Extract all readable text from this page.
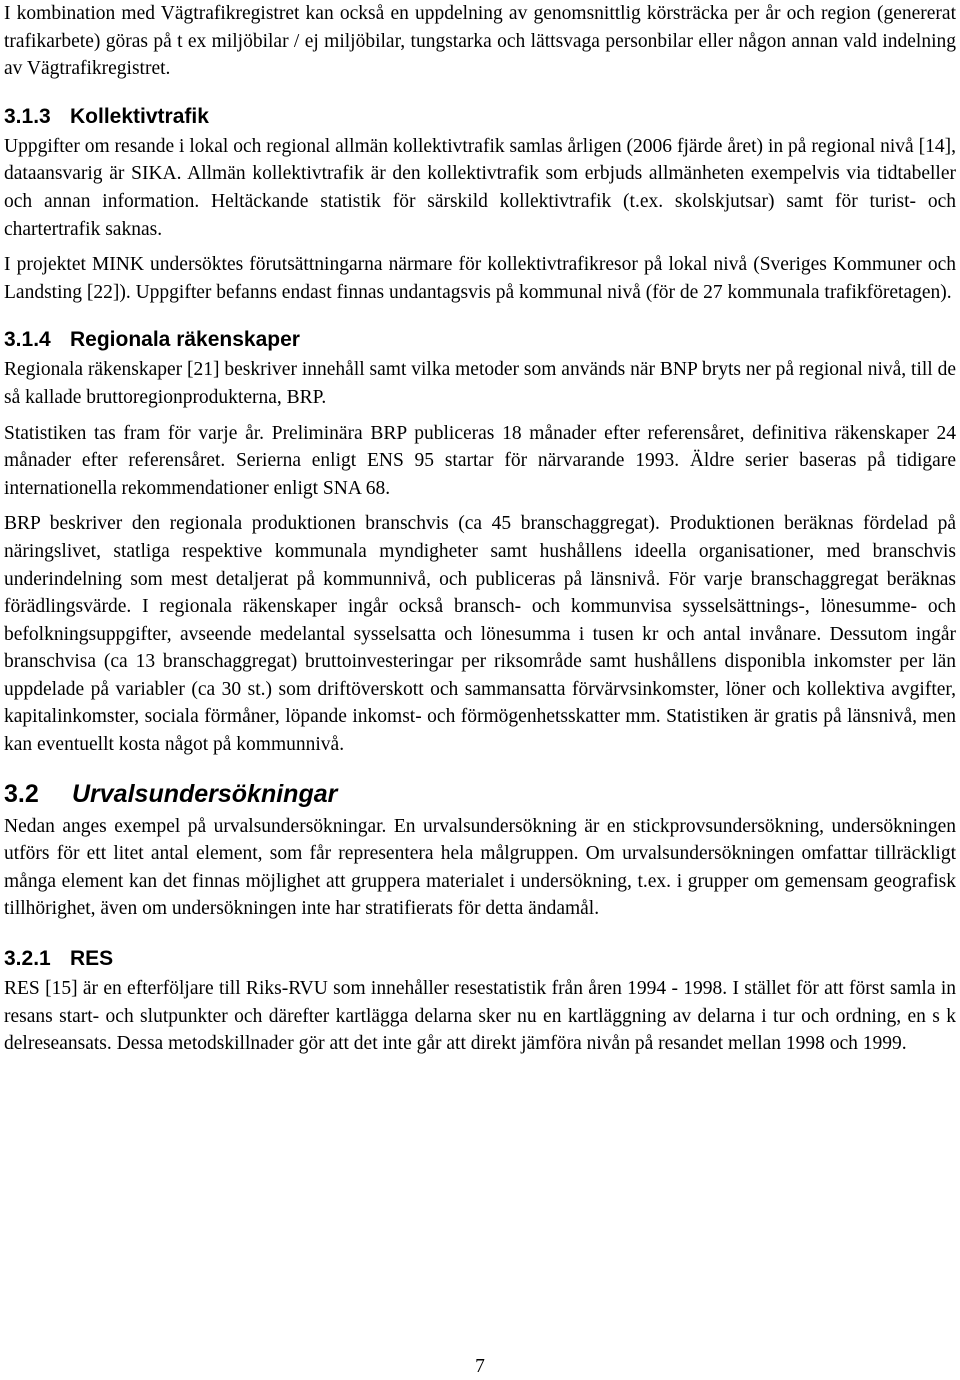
I kombination med Vägtrafikregistret kan också en uppdelning av genomsnittlig körsträcka per år och region (genererat trafikarbete) göras på t ex miljöbilar / ej miljöbilar, tungstarka och lättsvaga personbilar eller någon annan vald indelning av Vägtrafikregistret.

3.1.3 Kollektivtrafik

Uppgifter om resande i lokal och regional allmän kollektivtrafik samlas årligen (2006 fjärde året) in på regional nivå [14], dataansvarig är SIKA. Allmän kollektivtrafik är den kollektivtrafik som erbjuds allmänheten exempelvis via tidtabeller och annan information. Heltäckande statistik för särskild kollektivtrafik (t.ex. skolskjutsar) samt för turist- och chartertrafik saknas.

I projektet MINK undersöktes förutsättningarna närmare för kollektivtrafikresor på lokal nivå (Sveriges Kommuner och Landsting [22]). Uppgifter befanns endast finnas undantagsvis på kommunal nivå (för de 27 kommunala trafikföretagen).

3.1.4 Regionala räkenskaper

Regionala räkenskaper [21] beskriver innehåll samt vilka metoder som används när BNP bryts ner på regional nivå, till de så kallade bruttoregionprodukterna, BRP.

Statistiken tas fram för varje år. Preliminära BRP publiceras 18 månader efter referensåret, definitiva räkenskaper 24 månader efter referensåret. Serierna enligt ENS 95 startar för närvarande 1993. Äldre serier baseras på tidigare internationella rekommendationer enligt SNA 68.

BRP beskriver den regionala produktionen branschvis (ca 45 branschaggregat). Produktionen beräknas fördelad på näringslivet, statliga respektive kommunala myndigheter samt hushållens ideella organisationer, med branschvis underindelning som mest detaljerat på kommunnivå, och publiceras på länsnivå. För varje branschaggregat beräknas förädlingsvärde. I regionala räkenskaper ingår också bransch- och kommunvisa sysselsättnings-, lönesumme- och befolkningsuppgifter, avseende medelantal sysselsatta och lönesumma i tusen kr och antal invånare. Dessutom ingår branschvisa (ca 13 branschaggregat) bruttoinvesteringar per riksområde samt hushållens disponibla inkomster per län uppdelade på variabler (ca 30 st.) som driftöverskott och sammansatta förvärvsinkomster, löner och kollektiva avgifter, kapitalinkomster, sociala förmåner, löpande inkomst- och förmögenhetsskatter mm. Statistiken är gratis på länsnivå, men kan eventuellt kosta något på kommunnivå.

3.2 Urvalsundersökningar

Nedan anges exempel på urvalsundersökningar. En urvalsundersökning är en stickprovsundersökning, undersökningen utförs för ett litet antal element, som får representera hela målgruppen. Om urvalsundersökningen omfattar tillräckligt många element kan det finnas möjlighet att gruppera materialet i undersökning, t.ex. i grupper om gemensam geografisk tillhörighet, även om undersökningen inte har stratifierats för detta ändamål.

3.2.1 RES

RES [15] är en efterföljare till Riks-RVU som innehåller resestatistik från åren 1994 - 1998. I stället för att först samla in resans start- och slutpunkter och därefter kartlägga delarna sker nu en kartläggning av delarna i tur och ordning, en s k delreseansats. Dessa metodskillnader gör att det inte går att direkt jämföra nivån på resandet mellan 1998 och 1999.

7
